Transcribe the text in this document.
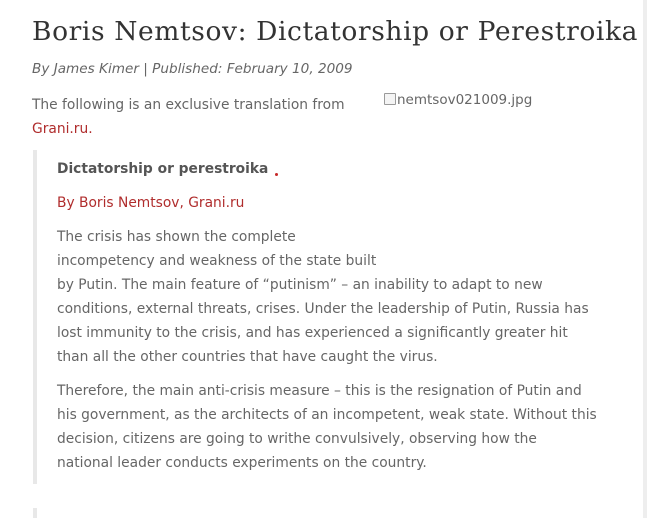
Boris Nemtsov: Dictatorship or Perestroika
By James Kimer | Published: February 10, 2009
The following is an exclusive translation from
Grani.ru.
nemtsov021009.jpg

Dictatorship or perestroika

By Boris Nemtsov, Grani.ru

The crisis has shown the complete
incompetency and weakness of the state built
by Putin. The main feature of “putinism” – an inability to adapt to new conditions, external threats, crises. Under the leadership of Putin, Russia has lost immunity to the crisis, and has experienced a significantly greater hit than all the other countries that have caught the virus.

Therefore, the main anti-crisis measure – this is the resignation of Putin and his government, as the architects of an incompetent, weak state. Without this decision, citizens are going to writhe convulsively, observing how the national leader conducts experiments on the country.
